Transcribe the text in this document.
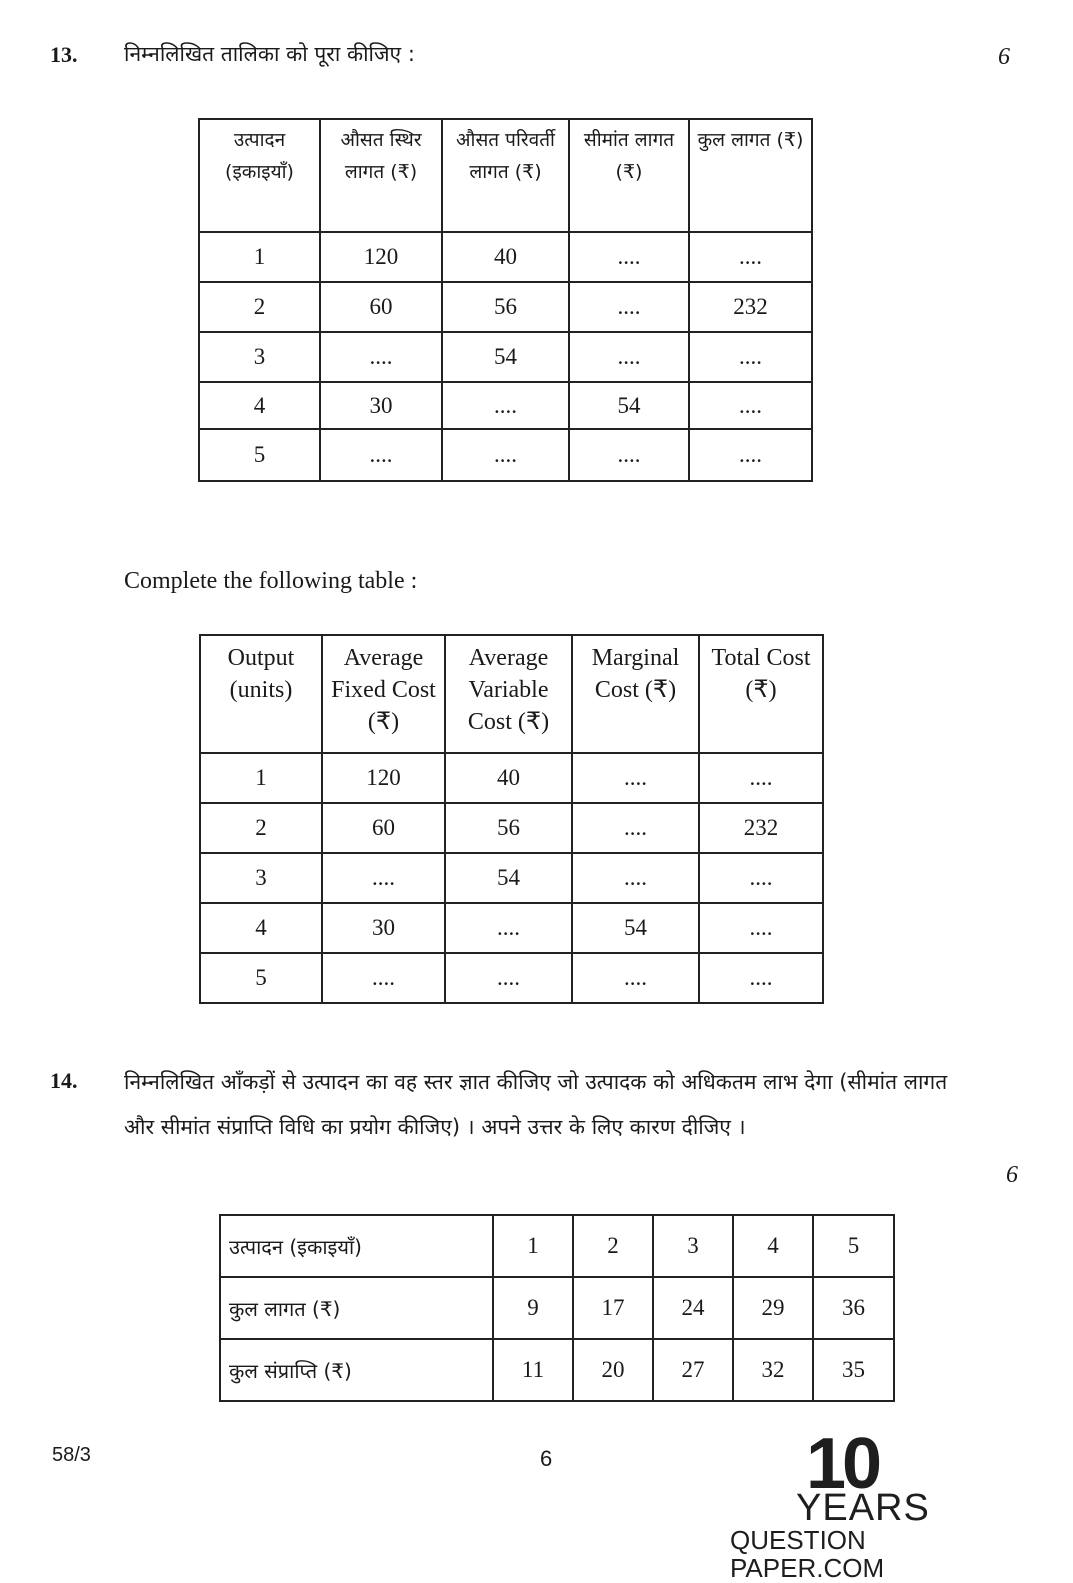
13. निम्नलिखित तालिका को पूरा कीजिए :	6
उत्पादन (इकाइयाँ)	औसत स्थिर लागत (₹)	औसत परिवर्ती लागत (₹)	सीमांत लागत (₹)	कुल लागत (₹)
1	120	40	....	....
2	60	56	....	232
3	....	54	....	....
4	30	....	54	....
5	....	....	....	....
Complete the following table :
Output (units)	Average Fixed Cost (₹)	Average Variable Cost (₹)	Marginal Cost (₹)	Total Cost (₹)
1	120	40	....	....
2	60	56	....	232
3	....	54	....	....
4	30	....	54	....
5	....	....	....	....
14. निम्नलिखित आँकड़ों से उत्पादन का वह स्तर ज्ञात कीजिए जो उत्पादक को अधिकतम लाभ देगा (सीमांत लागत और सीमांत संप्राप्ति विधि का प्रयोग कीजिए) । अपने उत्तर के लिए कारण दीजिए ।
6
उत्पादन (इकाइयाँ)	1	2	3	4	5
कुल लागत (₹)	9	17	24	29	36
कुल संप्राप्ति (₹)	11	20	27	32	35
58/3	6	10
YEARS
QUESTION PAPER.COM
